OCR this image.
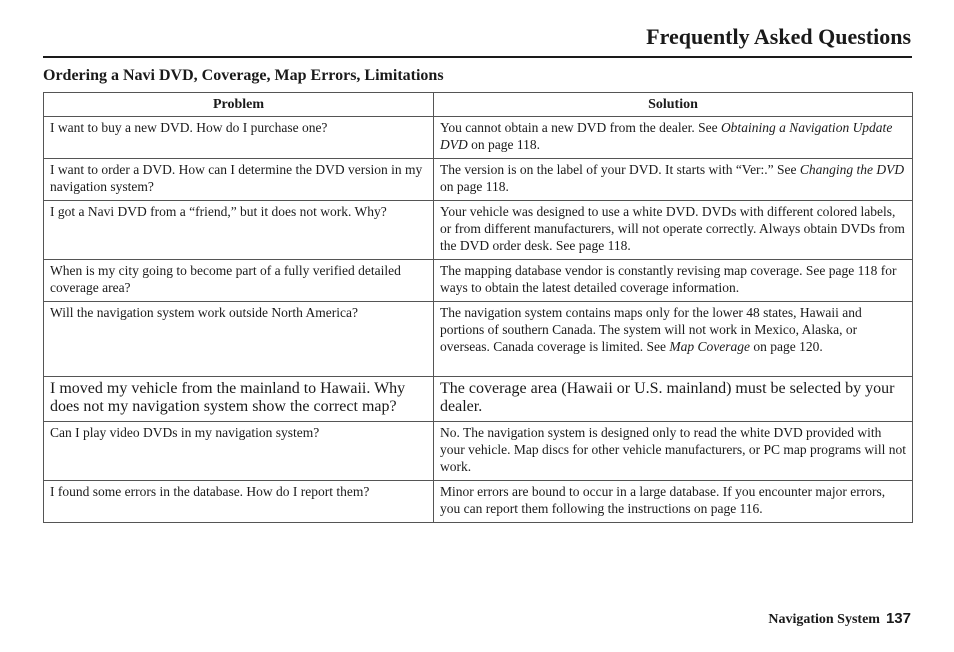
Frequently Asked Questions
Ordering a Navi DVD, Coverage, Map Errors, Limitations
Problem	Solution
I want to buy a new DVD. How do I purchase one?	You cannot obtain a new DVD from the dealer. See Obtaining a Navigation Update DVD on page 118.
I want to order a DVD. How can I determine the DVD version in my navigation system?	The version is on the label of your DVD. It starts with “Ver:.” See Changing the DVD on page 118.
I got a Navi DVD from a “friend,” but it does not work. Why?	Your vehicle was designed to use a white DVD. DVDs with different colored labels, or from different manufacturers, will not operate correctly. Always obtain DVDs from the DVD order desk. See page 118.
When is my city going to become part of a fully verified detailed coverage area?	The mapping database vendor is constantly revising map coverage. See page 118 for ways to obtain the latest detailed coverage information.
Will the navigation system work outside North America?	The navigation system contains maps only for the lower 48 states, Hawaii and portions of southern Canada. The system will not work in Mexico, Alaska, or overseas. Canada coverage is limited. See Map Coverage on page 120.
I moved my vehicle from the mainland to Hawaii. Why does not my navigation system show the correct map?	The coverage area (Hawaii or U.S. mainland) must be selected by your dealer.
Can I play video DVDs in my navigation system?	No. The navigation system is designed only to read the white DVD provided with your vehicle. Map discs for other vehicle manufacturers, or PC map programs will not work.
I found some errors in the database. How do I report them?	Minor errors are bound to occur in a large database. If you encounter major errors, you can report them following the instructions on page 116.
Navigation System 137
